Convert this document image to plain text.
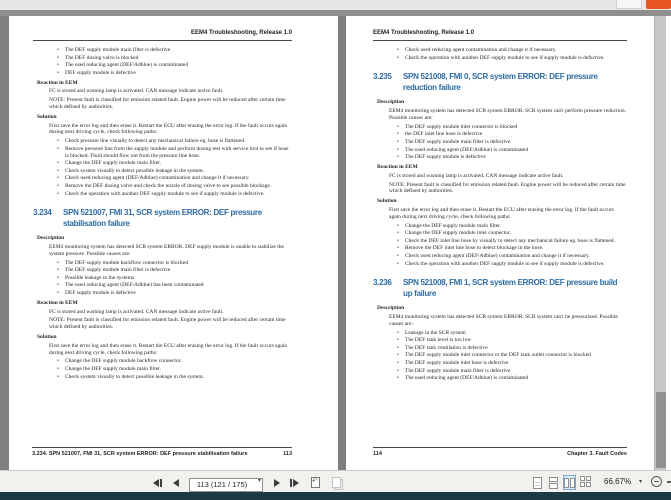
EEM4 Troubleshooting, Release 1.0
•	The DEF supply module main filter is defective
•	The DEF dosing valve is blocked
•	The used reducing agent (DEF/Adblue) is contaminated
•	DEF supply module is defective
Reaction in EEM
FC is stored and warning lamp is activated. CAN message indicate active fault.
NOTE: Present fault is classified for emission related fault. Engine power will be reduced after certain time which defined by authorities.
Solution
First save the error log and then erase it. Restart the ECU after erasing the error log. If the fault occurs again during next driving cycle, check following paths:
•	Check pressure line visually to detect any mechanical failure eg. hose is flattened.
•	Remove pressure line from the supply module and perform dosing test with service tool to see if hose is blocked. Fluid should flow out from the pressure line hose.
•	Change the DEF supply module main filter.
•	Check system visually to detect possible leakage in the system.
•	Check used reducing agent (DEF/Adblue) contamination and change it if necessary.
•	Remove the DEF dosing valve and check the nozzle of dosing valve to see possible blockage.
•	Check the operation with another DEF supply module to see if supply module is defective.
3.234	SPN 521007, FMI 31, SCR system ERROR: DEF pressure stabilisation failure
Description
EEM4 monitoring system has detected SCR system ERROR. DEF supply module is unable to stabilize the system pressure. Possible causes are:
•	The DEF supply module backflow connector is blocked
•	The DEF supply module main filter is defective
•	Possible leakage in the systems
•	The used reducing agent (DEF/Adblue) has been contaminated
•	DEF supply module is defective
Reaction in EEM
FC is stored and warning lamp is activated. CAN message indicate active fault.
NOTE: Present fault is classified for emission related fault. Engine power will be reduced after certain time which defined by authorities.
Solution
First save the error log and then erase it. Restart the ECU after erasing the error log. If the fault occurs again during next driving cycle, check following paths:
•	Change the DEF supply module backflow connector.
•	Change the DEF supply module main filter.
•	Check system visually to detect possible leakage in the system.
3.234. SPN 521007, FMI 31, SCR system ERROR: DEF pressure stabilisation failure	113
EEM4 Troubleshooting, Release 1.0
•	Check used reducing agent contamination and change it if necessary.
•	Check the operation with another DEF supply module to see if supply module is defective.
3.235	SPN 521008, FMI 0, SCR system ERROR: DEF pressure reduction failure
Description
EEM4 monitoring system has detected SCR system ERROR. SCR system can't perform pressure reduction. Possible causes are:
•	The DEF supply module inlet connector is blocked
•	the DEF inlet line hose is defective
•	The DEF supply module main filter is defective
•	The used reducing agent (DEF/Adblue) is contaminated
•	The DEF supply module is defective
Reaction in EEM
FC is stored and warning lamp is activated. CAN message indicate active fault.
NOTE: Present fault is classified for emission related fault. Engine power will be reduced after certain time which defined by authorities.
Solution
First save the error log and then erase it. Restart the ECU after erasing the error log. If the fault occurs again during next driving cycle, check following paths:
•	Change the DEF supply module main filter.
•	Change the DEF supply module inlet connector.
•	Check the DEF inlet line hose by visually to detect any mechanical failure eg. hose is flattened.
•	Remove the DEF inlet line hose to detect blockage in the hose.
•	Check used reducing agent (DEF/Adblue) contamination and change it if necessary.
•	Check the operation with another DEF supply module to see if supply module is defective.
3.236	SPN 521008, FMI 1, SCR system ERROR: DEF pressure build up failure
Description
EEM4 monitoring system has detected SCR system ERROR. SCR system can't be pressurized. Possible causes are:
•	Leakage in the SCR system
•	The DEF tank level is too low
•	The DEF tank ventilation is defective
•	The DEF supply module inlet connector or the DEF tank outlet connector is blocked
•	The DEF supply module inlet hose is defective
•	The DEF supply module main filter is defective
•	The used reducing agent (DEF/Adblue) is contaminated
114	Chapter 3. Fault Codes
113 (121 / 175)
▾	↶	66.67% ▾
